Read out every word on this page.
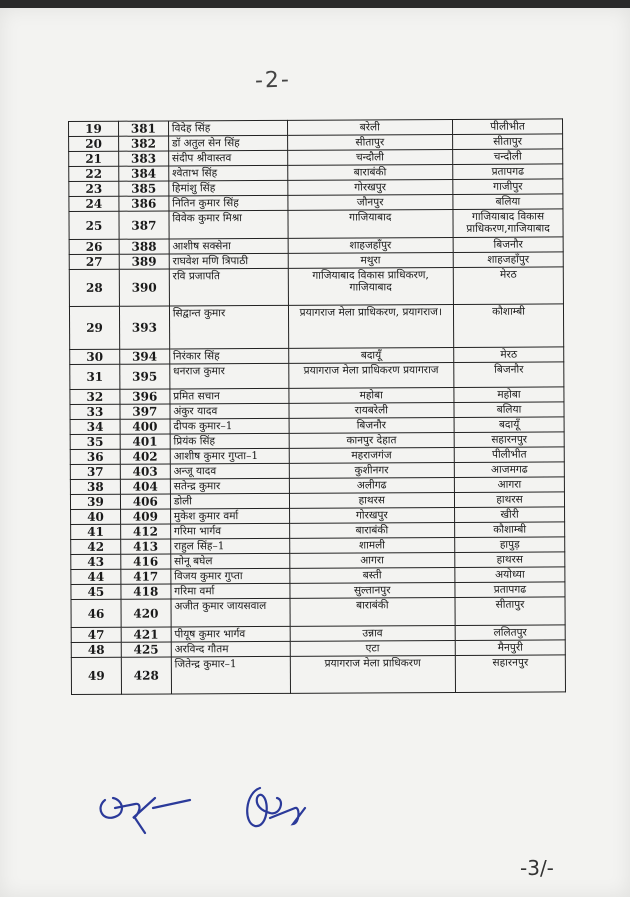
-2-
19	381	विदेह सिंह	बरेली	पीलीभीत
20	382	डॉ अतुल सेन सिंह	सीतापुर	सीतापुर
21	383	संदीप श्रीवास्तव	चन्दौली	चन्दौली
22	384	श्वेताभ सिंह	बाराबंकी	प्रतापगढ
23	385	हिमांशु सिंह	गोरखपुर	गाजीपुर
24	386	नितिन कुमार सिंह	जौनपुर	बलिया
25	387	विवेक कुमार मिश्रा	गाजियाबाद	गाजियाबाद विकास प्राधिकरण,गाजियाबाद
26	388	आशीष सक्सेना	शाहजहाँपुर	बिजनौर
27	389	राघवेश मणि त्रिपाठी	मथुरा	शाहजहाँपुर
28	390	रवि प्रजापति	गाजियाबाद विकास प्राधिकरण, गाजियाबाद	मेरठ
29	393	सिद्वान्त कुमार	प्रयागराज मेला प्राधिकरण, प्रयागराज।	कौशाम्बी
30	394	निरंकार सिंह	बदायूँ	मेरठ
31	395	धनराज कुमार	प्रयागराज मेला प्राधिकरण प्रयागराज	बिजनौर
32	396	प्रमित सचान	महोबा	महोबा
33	397	अंकुर यादव	रायबरेली	बलिया
34	400	दीपक कुमार–1	बिजनौर	बदायूँ
35	401	प्रियंक सिंह	कानपुर देहात	सहारनपुर
36	402	आशीष कुमार गुप्ता–1	महराजगंज	पीलीभीत
37	403	अन्जू यादव	कुशीनगर	आजमगढ
38	404	सतेन्द्र कुमार	अलीगढ	आगरा
39	406	डोली	हाथरस	हाथरस
40	409	मुकेश कुमार वर्मा	गोरखपुर	खीरी
41	412	गरिमा भार्गव	बाराबंकी	कौशाम्बी
42	413	राहुल सिंह–1	शामली	हापुड़
43	416	सोनू बघेल	आगरा	हाथरस
44	417	विजय कुमार गुप्ता	बस्ती	अयोध्या
45	418	गरिमा वर्मा	सुल्तानपुर	प्रतापगढ
46	420	अजीत कुमार जायसवाल	बाराबंकी	सीतापुर
47	421	पीयूष कुमार भार्गव	उन्नाव	ललितपुर
48	425	अरविन्द गौतम	एटा	मैनपुरी
49	428	जितेन्द्र कुमार–1	प्रयागराज मेला प्राधिकरण	सहारनपुर
-3/-
